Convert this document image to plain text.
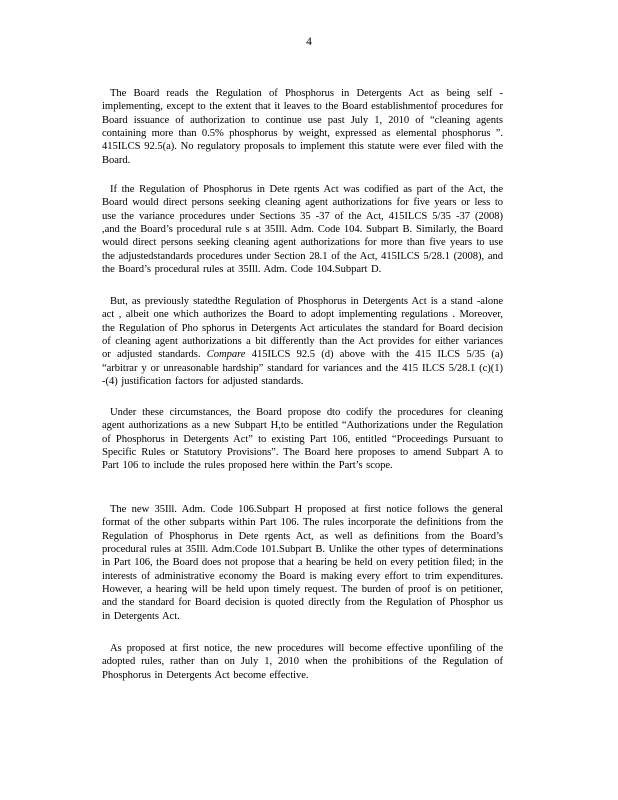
4

The Board reads the Regulation of Phosphorus in Detergents Act as being self - implementing, except to the extent that it leaves to the Board establishmentof procedures for Board issuance of authorization to continue use past July 1, 2010 of “cleaning agents containing more than 0.5% phosphorus by weight, expressed as elemental phosphorus ”. 415ILCS 92.5(a). No regulatory proposals to implement this statute were ever filed with the Board.

If the Regulation of Phosphorus in Dete rgents Act was codified as part of the Act, the Board would direct persons seeking cleaning agent authorizations for five years or less to use the variance procedures under Sections 35 -37 of the Act, 415ILCS 5/35 -37 (2008) ,and the Board’s procedural rule s at 35Ill. Adm. Code 104. Subpart B. Similarly, the Board would direct persons seeking cleaning agent authorizations for more than five years to use the adjustedstandards procedures under Section 28.1 of the Act, 415ILCS 5/28.1 (2008), and the Board’s procedural rules at 35Ill. Adm. Code 104.Subpart D.

But, as previously statedthe Regulation of Phosphorus in Detergents Act is a stand -alone act , albeit one which authorizes the Board to adopt implementing regulations . Moreover, the Regulation of Pho sphorus in Detergents Act articulates the standard for Board decision of cleaning agent authorizations a bit differently than the Act provides for either variances or adjusted standards. Compare 415ILCS 92.5 (d) above with the 415 ILCS 5/35 (a) “arbitrar y or unreasonable hardship” standard for variances and the 415 ILCS 5/28.1 (c)(1) -(4) justification factors for adjusted standards.

Under these circumstances, the Board propose dto codify the procedures for cleaning agent authorizations as a new Subpart H,to be entitled “Authorizations under the Regulation of Phosphorus in Detergents Act” to existing Part 106, entitled “Proceedings Pursuant to Specific Rules or Statutory Provisions”. The Board here proposes to amend Subpart A to Part 106 to include the rules proposed here within the Part’s scope.

The new 35Ill. Adm. Code 106.Subpart H proposed at first notice follows the general format of the other subparts within Part 106. The rules incorporate the definitions from the Regulation of Phosphorus in Dete rgents Act, as well as definitions from the Board’s procedural rules at 35Ill. Adm.Code 101.Subpart B. Unlike the other types of determinations in Part 106, the Board does not propose that a hearing be held on every petition filed; in the interests of administrative economy the Board is making every effort to trim expenditures. However, a hearing will be held upon timely request. The burden of proof is on petitioner, and the standard for Board decision is quoted directly from the Regulation of Phosphor us in Detergents Act.

As proposed at first notice, the new procedures will become effective uponfiling of the adopted rules, rather than on July 1, 2010 when the prohibitions of the Regulation of Phosphorus in Detergents Act become effective.
